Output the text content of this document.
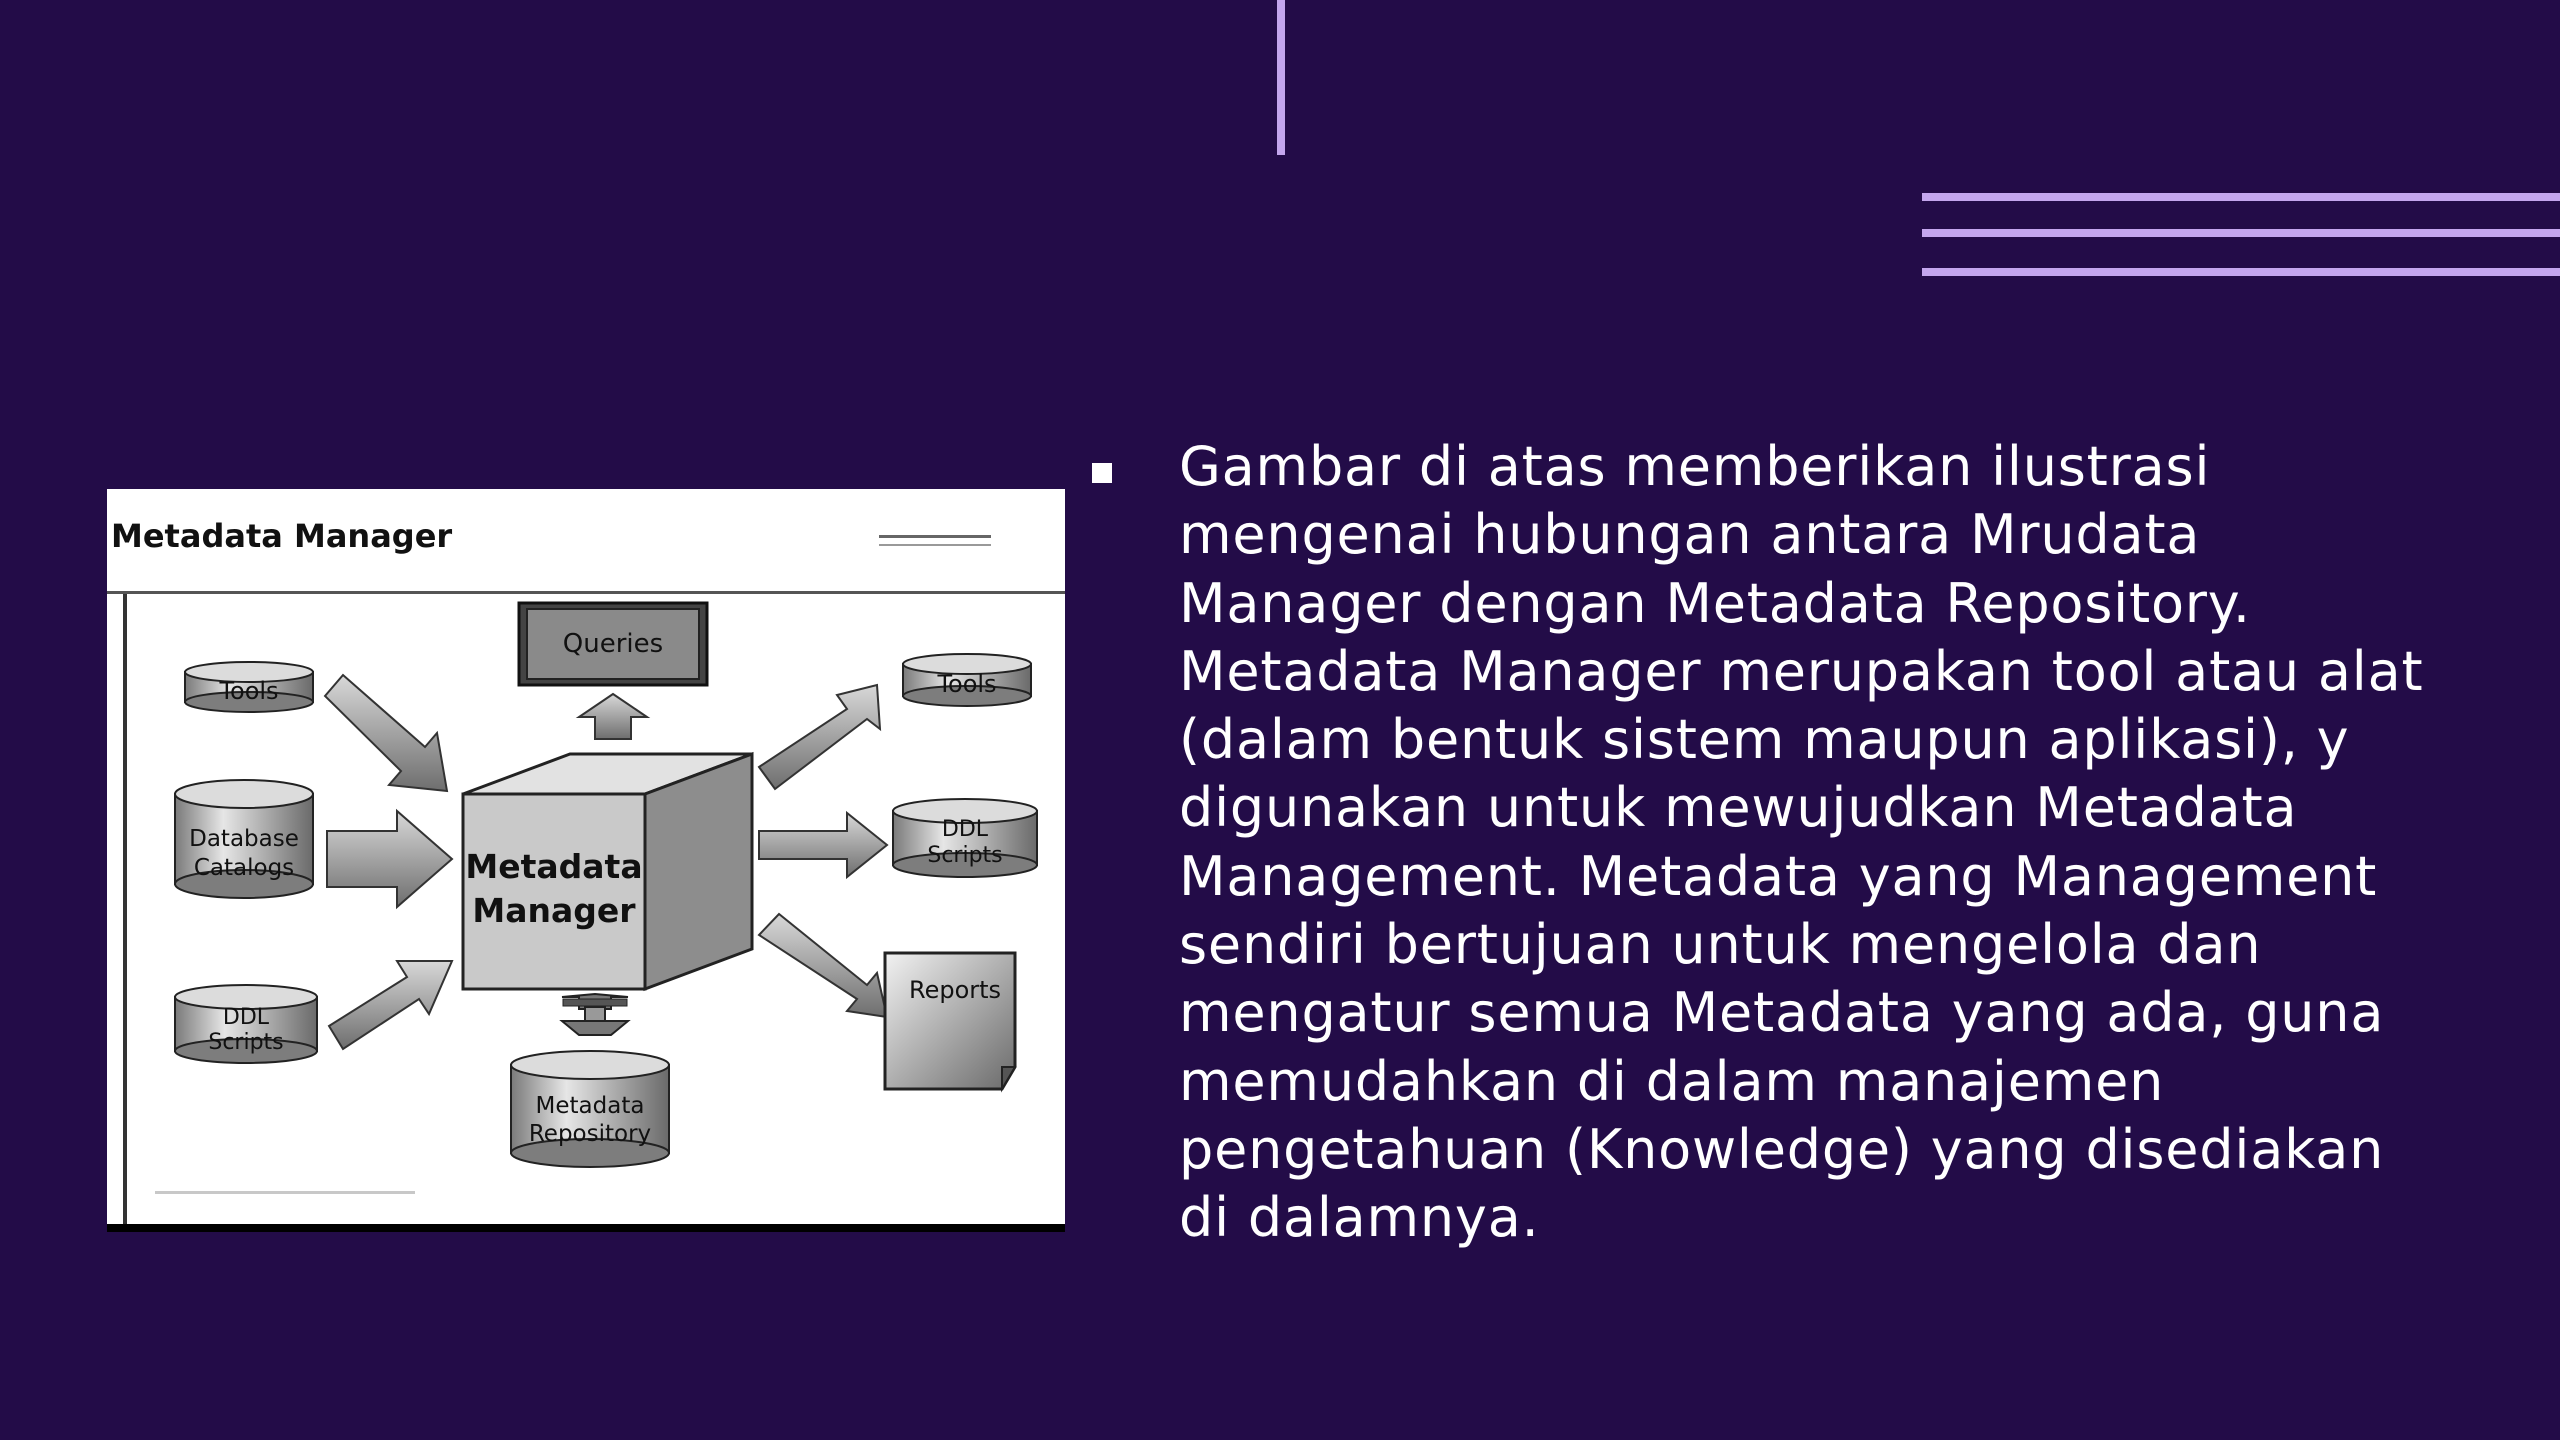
Metadata Manager
Queries
Metadata
Manager
Tools
Database
Catalogs
DDL
Scripts
Tools
DDL
Scripts
Reports
Metadata
Repository
Gambar di atas memberikan ilustrasi
mengenai hubungan antara Mrudata
Manager dengan Metadata Repository.
Metadata Manager merupakan tool atau alat
(dalam bentuk sistem maupun aplikasi), y
digunakan untuk mewujudkan Metadata
Management. Metadata yang Management
sendiri bertujuan untuk mengelola dan
mengatur semua Metadata yang ada, guna
memudahkan di dalam manajemen
pengetahuan (Knowledge) yang disediakan
di dalamnya.
